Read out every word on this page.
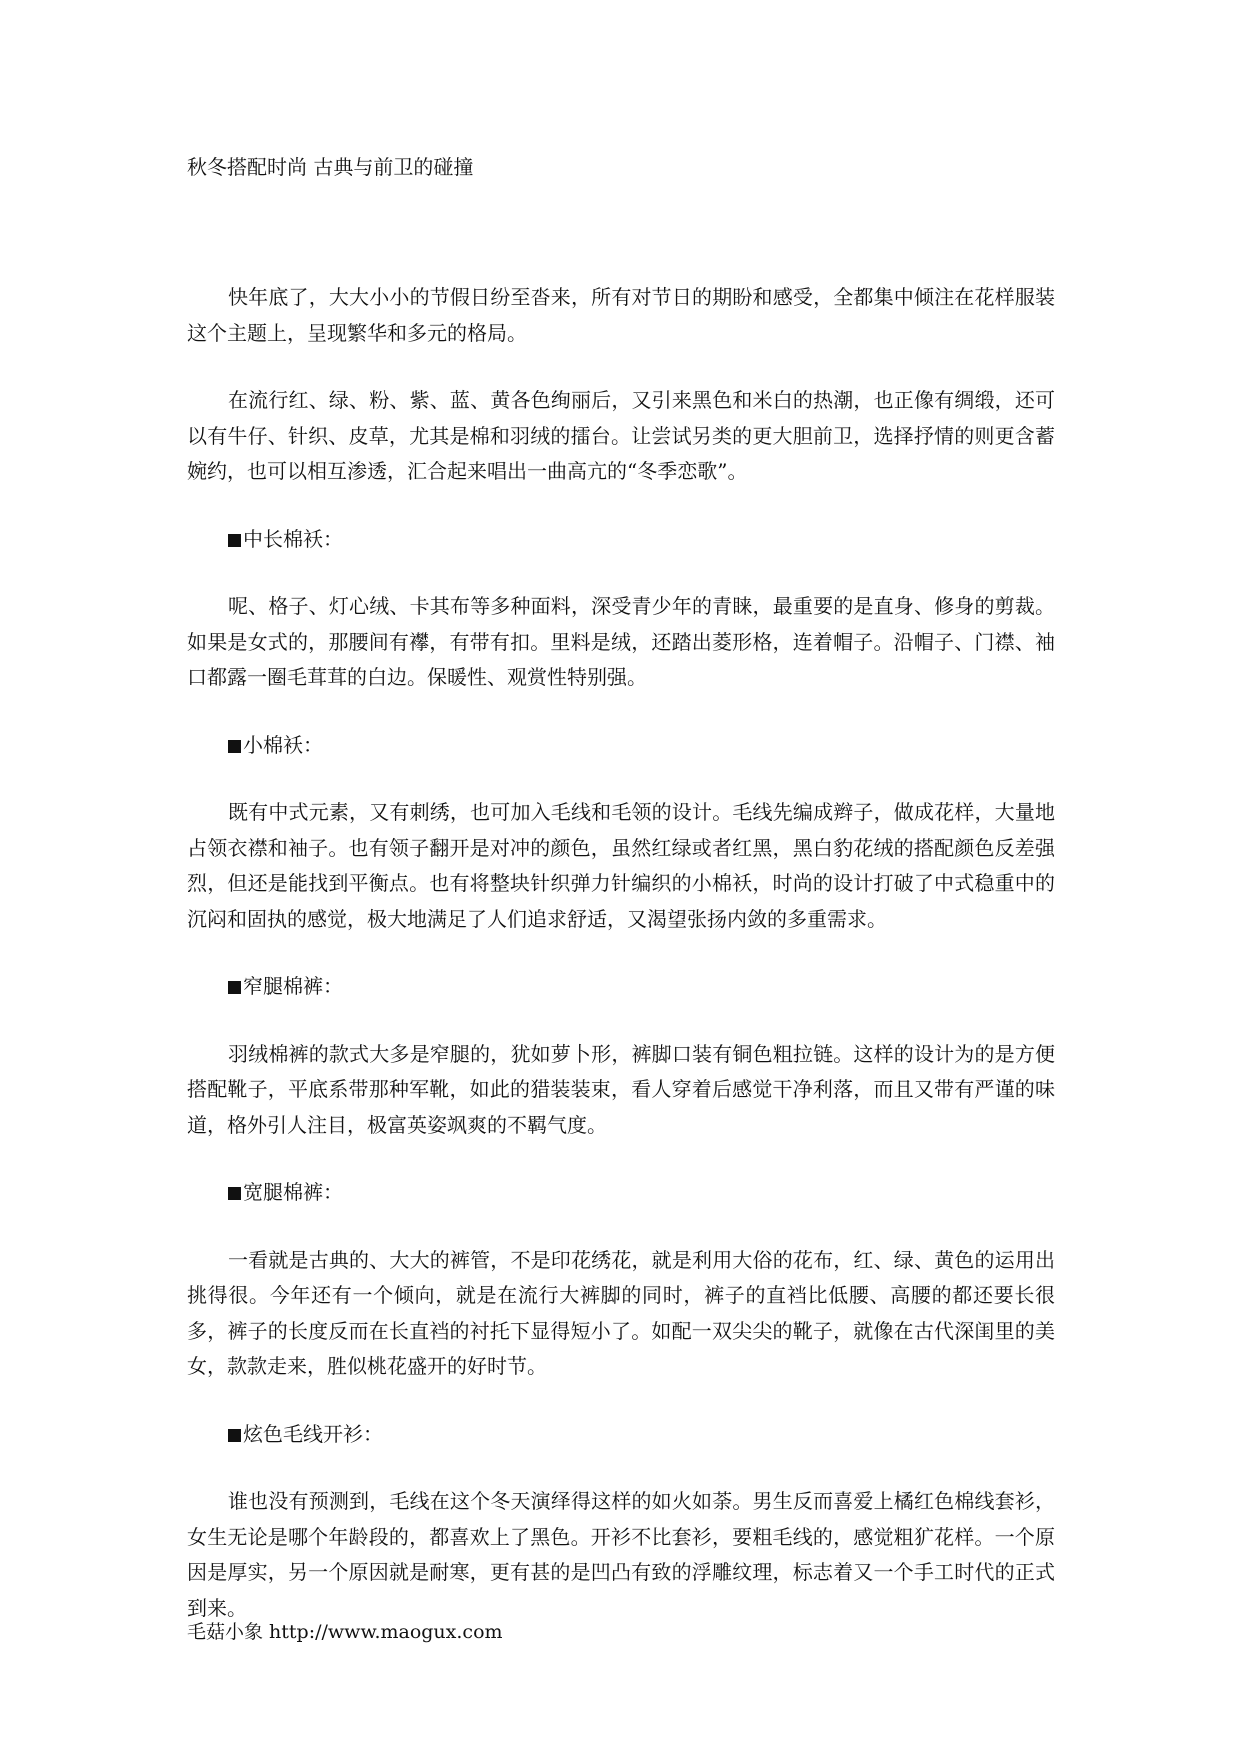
秋冬搭配时尚 古典与前卫的碰撞

快年底了，大大小小的节假日纷至沓来，所有对节日的期盼和感受，全都集中倾注在花样服装这个主题上，呈现繁华和多元的格局。

在流行红、绿、粉、紫、蓝、黄各色绚丽后，又引来黑色和米白的热潮，也正像有绸缎，还可以有牛仔、针织、皮草，尤其是棉和羽绒的擂台。让尝试另类的更大胆前卫，选择抒情的则更含蓄婉约，也可以相互渗透，汇合起来唱出一曲高亢的“冬季恋歌”。

中长棉袄：

呢、格子、灯心绒、卡其布等多种面料，深受青少年的青睐，最重要的是直身、修身的剪裁。如果是女式的，那腰间有襻，有带有扣。里料是绒，还踏出菱形格，连着帽子。沿帽子、门襟、袖口都露一圈毛茸茸的白边。保暖性、观赏性特别强。

小棉袄：

既有中式元素，又有刺绣，也可加入毛线和毛领的设计。毛线先编成辫子，做成花样，大量地占领衣襟和袖子。也有领子翻开是对冲的颜色，虽然红绿或者红黑，黑白豹花绒的搭配颜色反差强烈，但还是能找到平衡点。也有将整块针织弹力针编织的小棉袄，时尚的设计打破了中式稳重中的沉闷和固执的感觉，极大地满足了人们追求舒适，又渴望张扬内敛的多重需求。

窄腿棉裤：

羽绒棉裤的款式大多是窄腿的，犹如萝卜形，裤脚口装有铜色粗拉链。这样的设计为的是方便搭配靴子，平底系带那种军靴，如此的猎装装束，看人穿着后感觉干净利落，而且又带有严谨的味道，格外引人注目，极富英姿飒爽的不羁气度。

宽腿棉裤：

一看就是古典的、大大的裤管，不是印花绣花，就是利用大俗的花布，红、绿、黄色的运用出挑得很。今年还有一个倾向，就是在流行大裤脚的同时，裤子的直裆比低腰、高腰的都还要长很多，裤子的长度反而在长直裆的衬托下显得短小了。如配一双尖尖的靴子，就像在古代深闺里的美女，款款走来，胜似桃花盛开的好时节。

炫色毛线开衫：

谁也没有预测到，毛线在这个冬天演绎得这样的如火如荼。男生反而喜爱上橘红色棉线套衫，女生无论是哪个年龄段的，都喜欢上了黑色。开衫不比套衫，要粗毛线的，感觉粗犷花样。一个原因是厚实，另一个原因就是耐寒，更有甚的是凹凸有致的浮雕纹理，标志着又一个手工时代的正式到来。

毛菇小象 http://www.maogux.com
